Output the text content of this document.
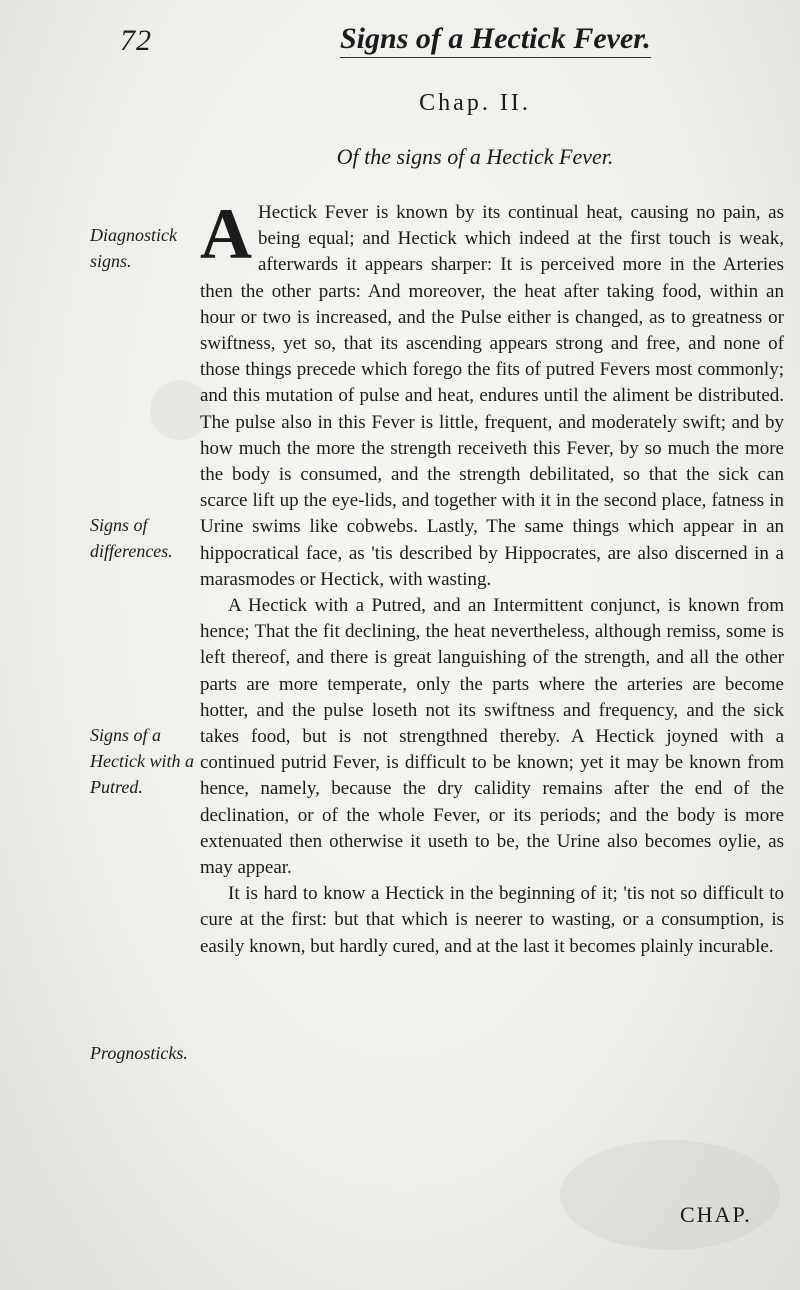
72	Signs of a Hectick Fever.
Chap. II.
Of the signs of a Hectick Fever.
Diagnostick signs.
Signs of differences.
Signs of a Hectick with a Putred.
Prognosticks.

A Hectick Fever is known by its continual heat, causing no pain, as being equal; and Hectick which indeed at the first touch is weak, afterwards it appears sharper: It is perceived more in the Arteries then the other parts: And moreover, the heat after taking food, within an hour or two is increased, and the Pulse either is changed, as to greatness or swiftness, yet so, that its ascending appears strong and free, and none of those things precede which forego the fits of putred Fevers most commonly; and this mutation of pulse and heat, endures until the aliment be distributed. The pulse also in this Fever is little, frequent, and moderately swift; and by how much the more the strength receiveth this Fever, by so much the more the body is consumed, and the strength debilitated, so that the sick can scarce lift up the eye-lids, and together with it in the second place, fatness in Urine swims like cobwebs. Lastly, The same things which appear in an hippocratical face, as 'tis described by Hippocrates, are also discerned in a marasmodes or Hectick, with wasting.

A Hectick with a Putred, and an Intermittent conjunct, is known from hence; That the fit declining, the heat nevertheless, although remiss, some is left thereof, and there is great languishing of the strength, and all the other parts are more temperate, only the parts where the arteries are become hotter, and the pulse loseth not its swiftness and frequency, and the sick takes food, but is not strengthned thereby. A Hectick joyned with a continued putrid Fever, is difficult to be known; yet it may be known from hence, namely, because the dry calidity remains after the end of the declination, or of the whole Fever, or its periods; and the body is more extenuated then otherwise it useth to be, the Urine also becomes oylie, as may appear.

It is hard to know a Hectick in the beginning of it; 'tis not so difficult to cure at the first: but that which is neerer to wasting, or a consumption, is easily known, but hardly cured, and at the last it becomes plainly incurable.

CHAP.
